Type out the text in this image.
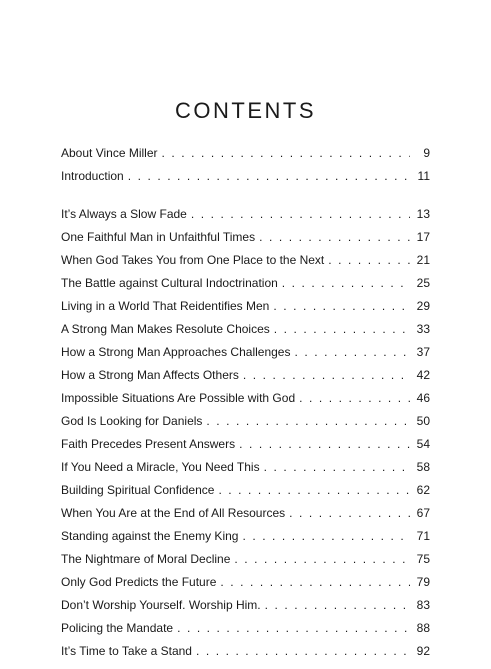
CONTENTS
About Vince Miller . . .	9
Introduction . . .	11
It’s Always a Slow Fade . . .	13
One Faithful Man in Unfaithful Times . . .	17
When God Takes You from One Place to the Next . . .	21
The Battle against Cultural Indoctrination . . .	25
Living in a World That Reidentifies Men . . .	29
A Strong Man Makes Resolute Choices . . .	33
How a Strong Man Approaches Challenges . . .	37
How a Strong Man Affects Others . . .	42
Impossible Situations Are Possible with God . . .	46
God Is Looking for Daniels . . .	50
Faith Precedes Present Answers . . .	54
If You Need a Miracle, You Need This . . .	58
Building Spiritual Confidence . . .	62
When You Are at the End of All Resources . . .	67
Standing against the Enemy King . . .	71
The Nightmare of Moral Decline . . .	75
Only God Predicts the Future . . .	79
Don’t Worship Yourself. Worship Him. . . .	83
Policing the Mandate . . .	88
It’s Time to Take a Stand . . .	92
